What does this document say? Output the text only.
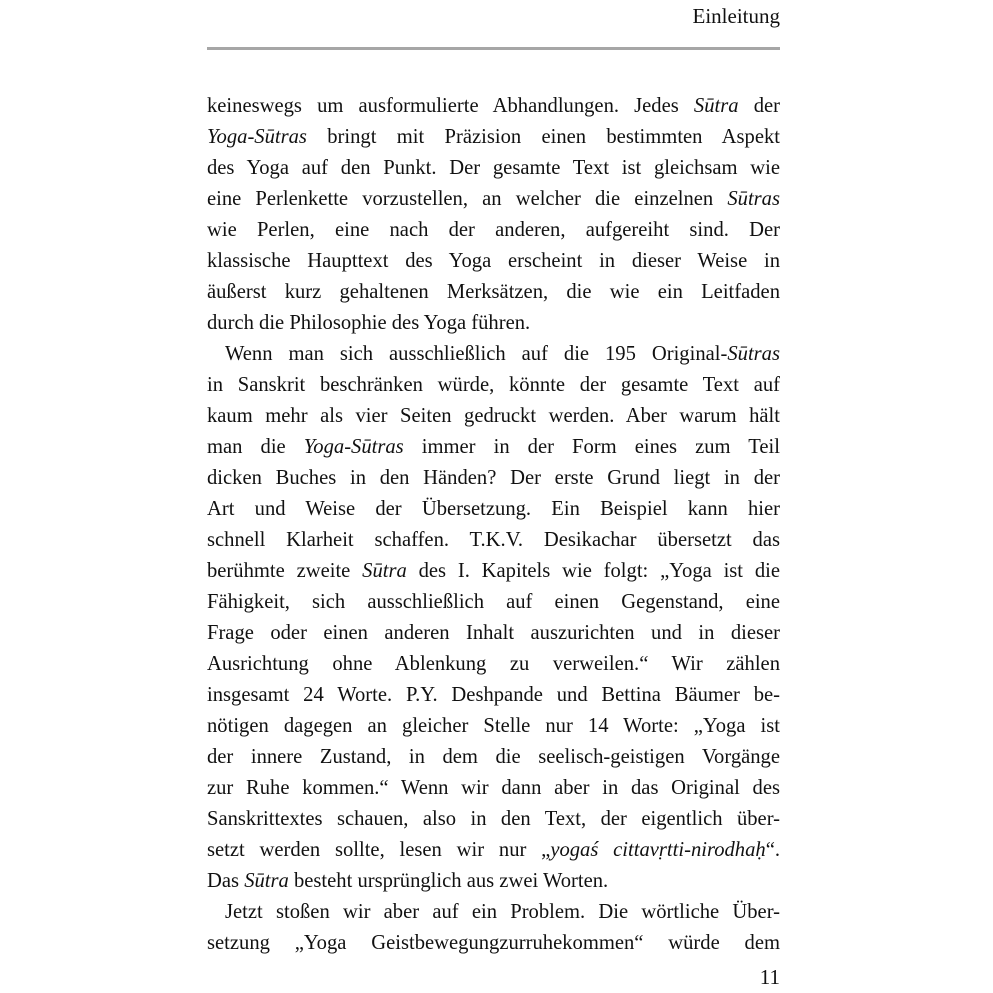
Einleitung

keineswegs um ausformulierte Abhandlungen. Jedes Sūtra der

Yoga-Sūtras bringt mit Präzision einen bestimmten Aspekt

des Yoga auf den Punkt. Der gesamte Text ist gleichsam wie

eine Perlenkette vorzustellen, an welcher die einzelnen Sūtras

wie Perlen, eine nach der anderen, aufgereiht sind. Der

klassische Haupttext des Yoga erscheint in dieser Weise in

äußerst kurz gehaltenen Merksätzen, die wie ein Leitfaden

durch die Philosophie des Yoga führen.

Wenn man sich ausschließlich auf die 195 Original-Sūtras

in Sanskrit beschränken würde, könnte der gesamte Text auf

kaum mehr als vier Seiten gedruckt werden. Aber warum hält

man die Yoga-Sūtras immer in der Form eines zum Teil

dicken Buches in den Händen? Der erste Grund liegt in der

Art und Weise der Übersetzung. Ein Beispiel kann hier

schnell Klarheit schaffen. T.K.V. Desikachar übersetzt das

berühmte zweite Sūtra des I. Kapitels wie folgt: „Yoga ist die

Fähigkeit, sich ausschließlich auf einen Gegenstand, eine

Frage oder einen anderen Inhalt auszurichten und in dieser

Ausrichtung ohne Ablenkung zu verweilen.“ Wir zählen

insgesamt 24 Worte. P.Y. Deshpande und Bettina Bäumer be-

nötigen dagegen an gleicher Stelle nur 14 Worte: „Yoga ist

der innere Zustand, in dem die seelisch-geistigen Vorgänge

zur Ruhe kommen.“ Wenn wir dann aber in das Original des

Sanskrittextes schauen, also in den Text, der eigentlich über-

setzt werden sollte, lesen wir nur „yogaś cittavṛtti-nirodhaḥ“.

Das Sūtra besteht ursprünglich aus zwei Worten.

Jetzt stoßen wir aber auf ein Problem. Die wörtliche Über-

setzung „Yoga Geistbewegungzurruhekommen“ würde dem

11
